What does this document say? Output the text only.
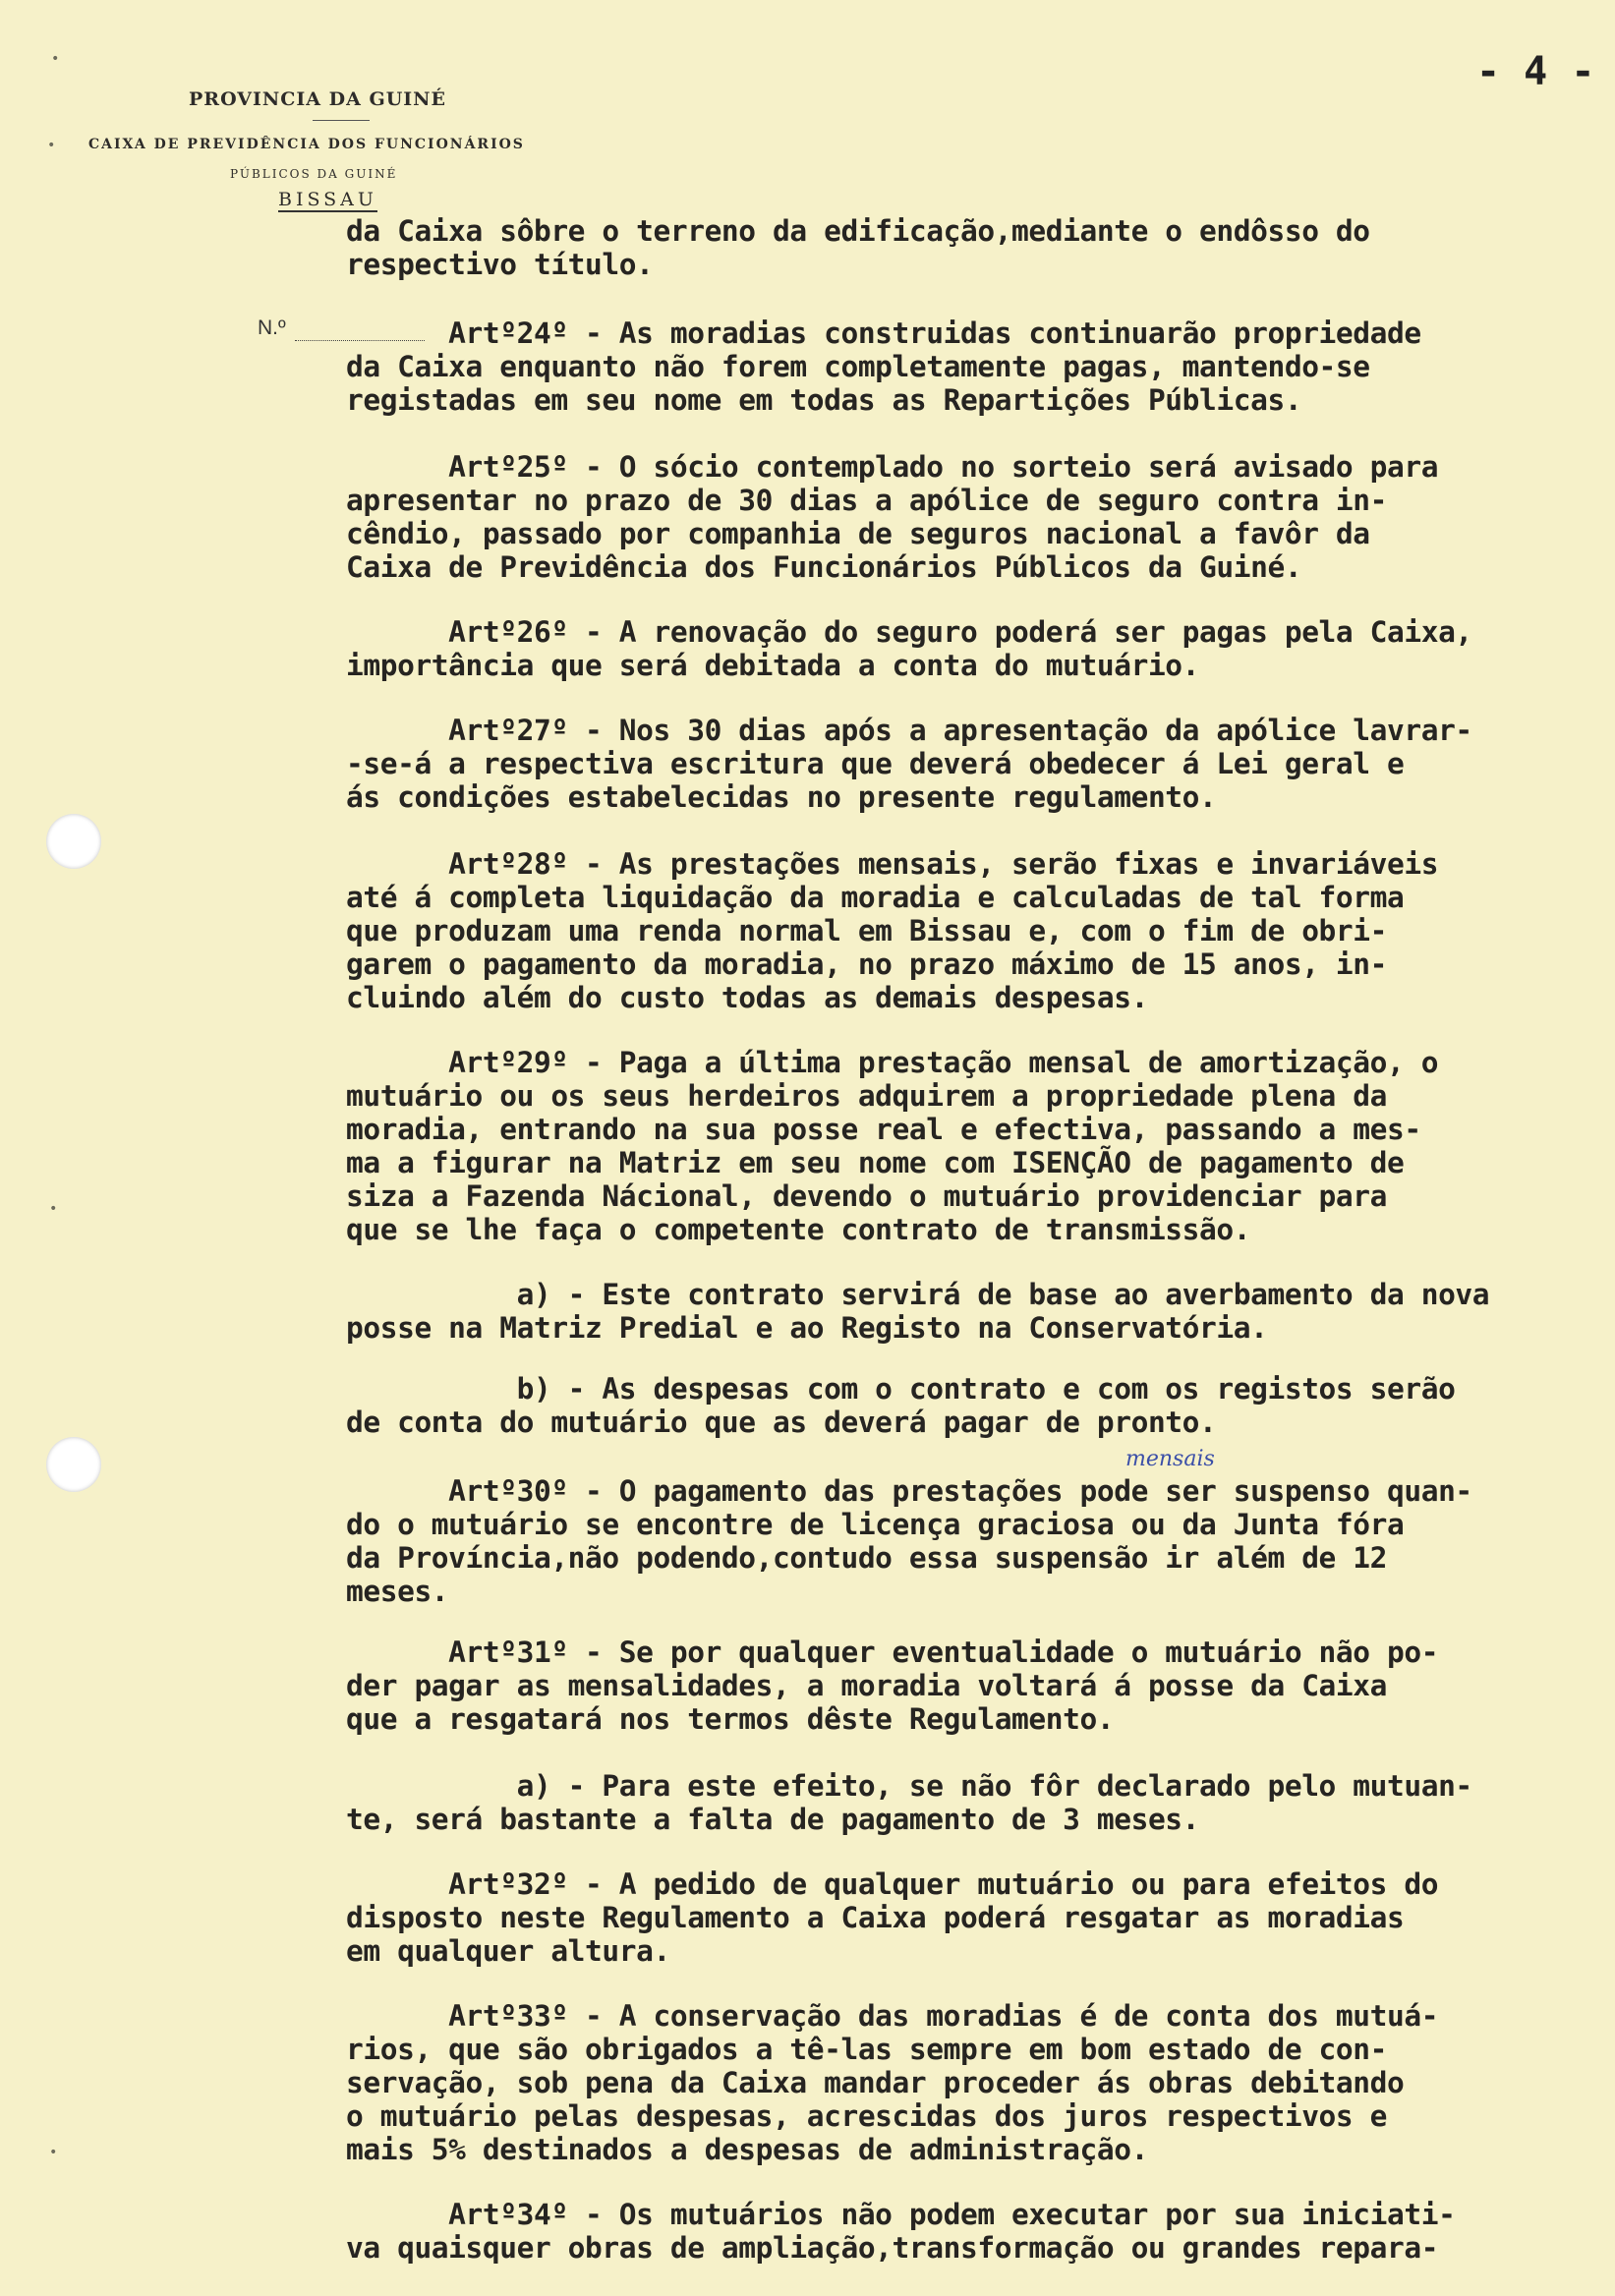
•
•
•
•
PROVINCIA DA GUINÉ
CAIXA DE PREVIDÊNCIA DOS FUNCIONÁRIOS
PÚBLICOS DA GUINÉ
BISSAU
- 4 -
N.º
mensais
da Caixa sôbre o terreno da edificação,mediante o endôsso do
respectivo título.
Artº24º - As moradias construidas continuarão propriedade
da Caixa enquanto não forem completamente pagas, mantendo-se
registadas em seu nome em todas as Repartições Públicas.
Artº25º - O sócio contemplado no sorteio será avisado para
apresentar no prazo de 30 dias a apólice de seguro contra in-
cêndio, passado por companhia de seguros nacional a favôr da
Caixa de Previdência dos Funcionários Públicos da Guiné.
Artº26º - A renovação do seguro poderá ser pagas pela Caixa,
importância que será debitada a conta do mutuário.
Artº27º - Nos 30 dias após a apresentação da apólice lavrar-
-se-á a respectiva escritura que deverá obedecer á Lei geral e
ás condições estabelecidas no presente regulamento.
Artº28º - As prestações mensais, serão fixas e invariáveis
até á completa liquidação da moradia e calculadas de tal forma
que produzam uma renda normal em Bissau e, com o fim de obri-
garem o pagamento da moradia, no prazo máximo de 15 anos, in-
cluindo além do custo todas as demais despesas.
Artº29º - Paga a última prestação mensal de amortização, o
mutuário ou os seus herdeiros adquirem a propriedade plena da
moradia, entrando na sua posse real e efectiva, passando a mes-
ma a figurar na Matriz em seu nome com ISENÇÃO de pagamento de
siza a Fazenda Nácional, devendo o mutuário providenciar para
que se lhe faça o competente contrato de transmissão.
a) - Este contrato servirá de base ao averbamento da nova
posse na Matriz Predial e ao Registo na Conservatória.
b) - As despesas com o contrato e com os registos serão
de conta do mutuário que as deverá pagar de pronto.
Artº30º - O pagamento das prestações pode ser suspenso quan-
do o mutuário se encontre de licença graciosa ou da Junta fóra
da Província,não podendo,contudo essa suspensão ir além de 12
meses.
Artº31º - Se por qualquer eventualidade o mutuário não po-
der pagar as mensalidades, a moradia voltará á posse da Caixa
que a resgatará nos termos dêste Regulamento.
a) - Para este efeito, se não fôr declarado pelo mutuan-
te, será bastante a falta de pagamento de 3 meses.
Artº32º - A pedido de qualquer mutuário ou para efeitos do
disposto neste Regulamento a Caixa poderá resgatar as moradias
em qualquer altura.
Artº33º - A conservação das moradias é de conta dos mutuá-
rios, que são obrigados a tê-las sempre em bom estado de con-
servação, sob pena da Caixa mandar proceder ás obras debitando
o mutuário pelas despesas, acrescidas dos juros respectivos e
mais 5% destinados a despesas de administração.
Artº34º - Os mutuários não podem executar por sua iniciati-
va quaisquer obras de ampliação,transformação ou grandes repara-
